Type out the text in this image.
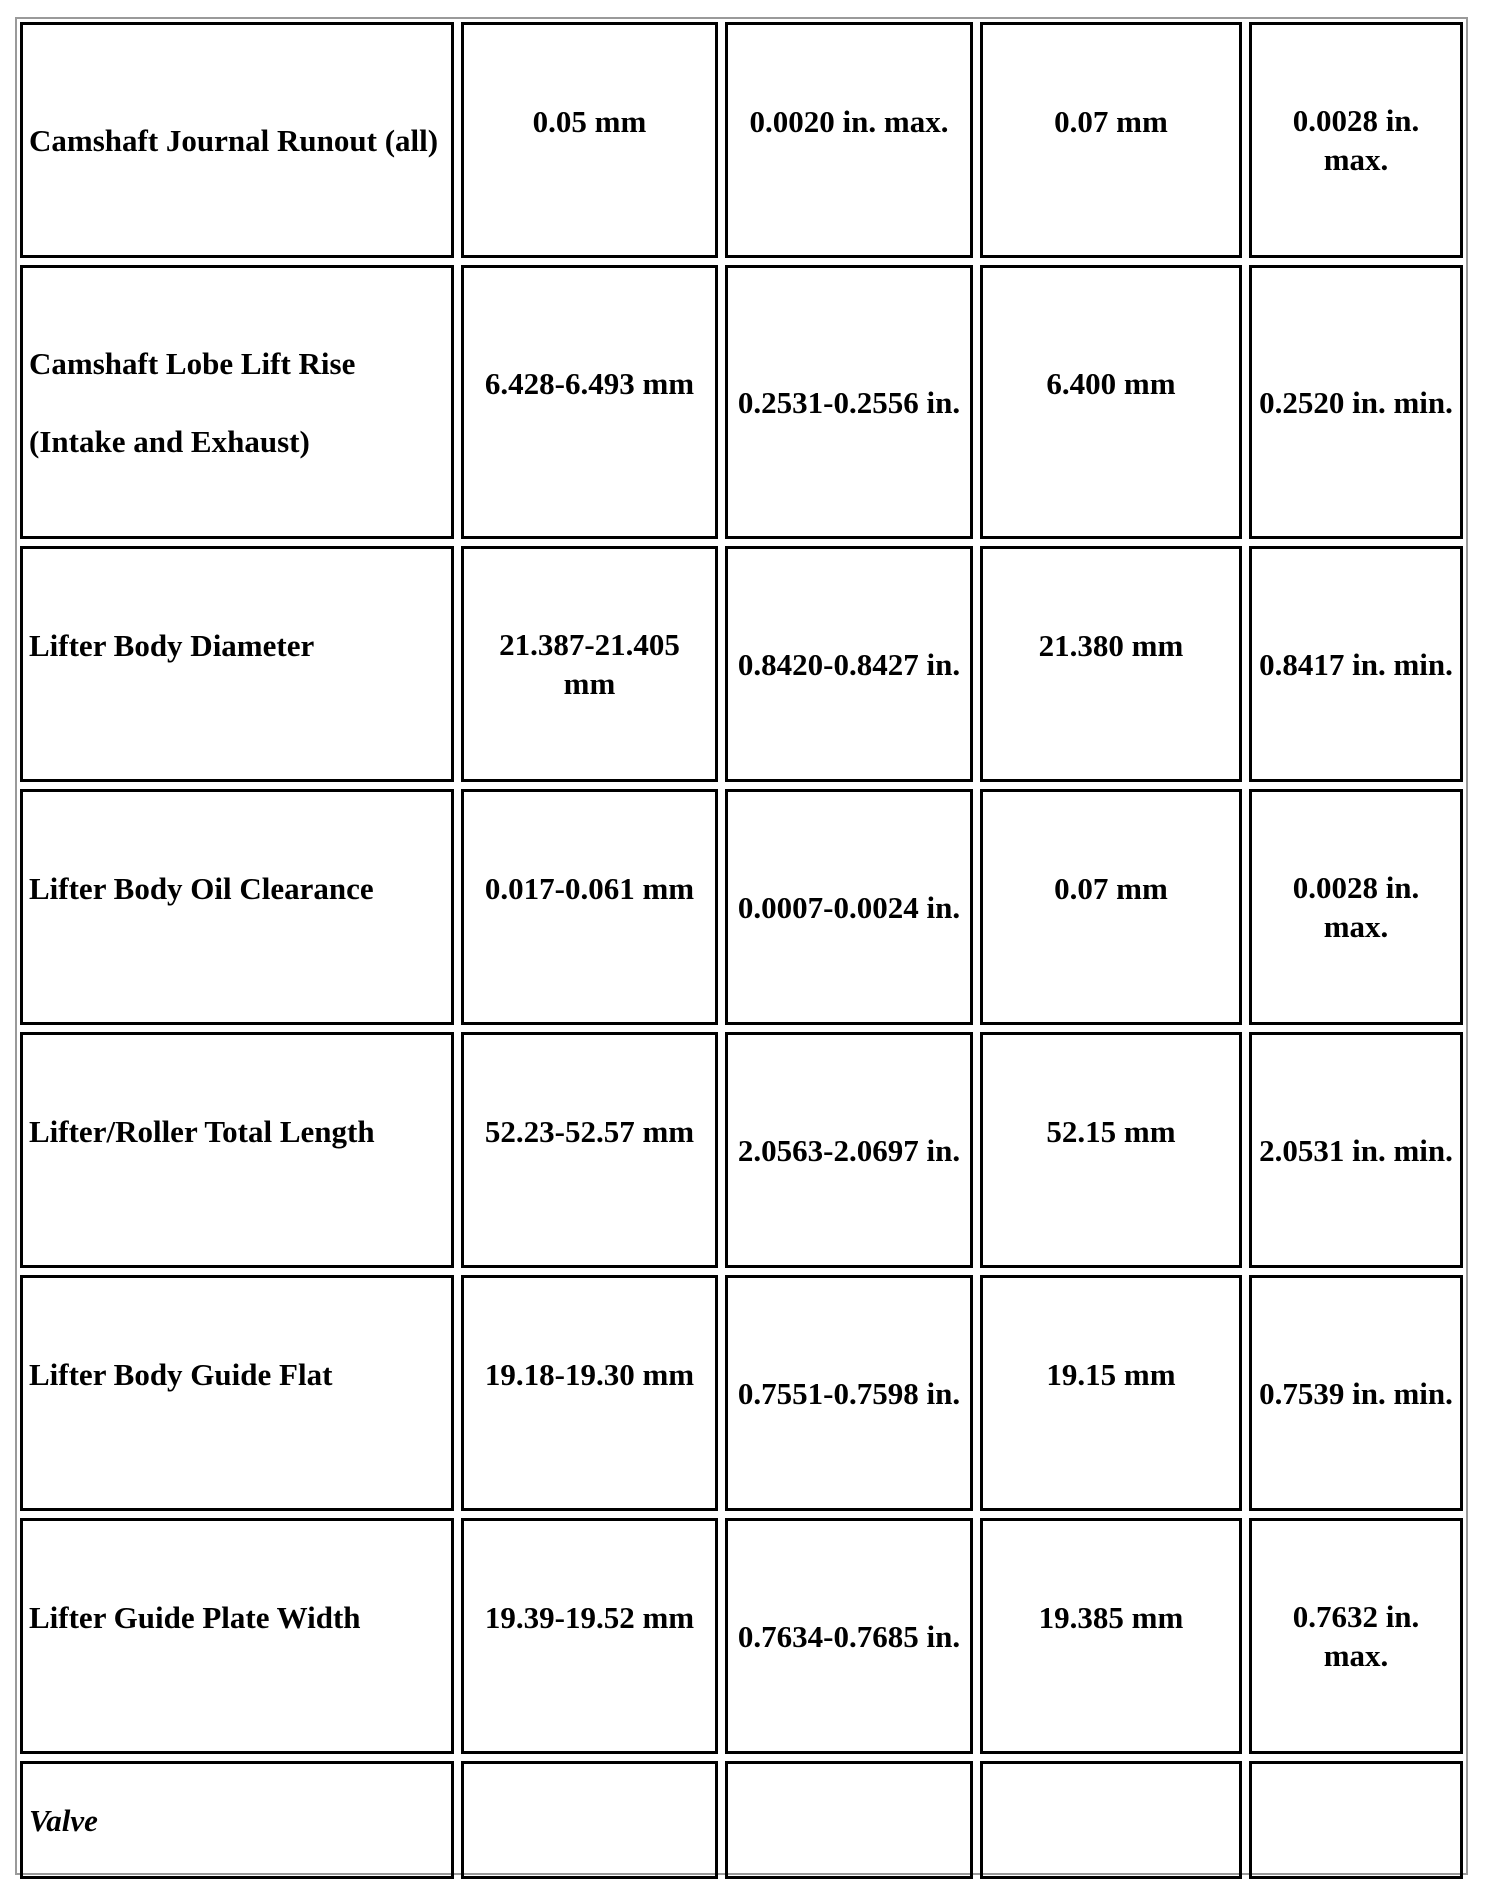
Camshaft Journal Runout (all)	0.05 mm	0.0020 in. max.	0.07 mm	0.0028 in. max.

Camshaft Lobe Lift Rise
(Intake and Exhaust)	6.428-6.493 mm	0.2531-0.2556 in.	6.400 mm	0.2520 in. min.

Lifter Body Diameter	21.387-21.405 mm	0.8420-0.8427 in.	21.380 mm	0.8417 in. min.

Lifter Body Oil Clearance	0.017-0.061 mm	0.0007-0.0024 in.	0.07 mm	0.0028 in. max.

Lifter/Roller Total Length	52.23-52.57 mm	2.0563-2.0697 in.	52.15 mm	2.0531 in. min.

Lifter Body Guide Flat	19.18-19.30 mm	0.7551-0.7598 in.	19.15 mm	0.7539 in. min.

Lifter Guide Plate Width	19.39-19.52 mm	0.7634-0.7685 in.	19.385 mm	0.7632 in. max.
Valve				
